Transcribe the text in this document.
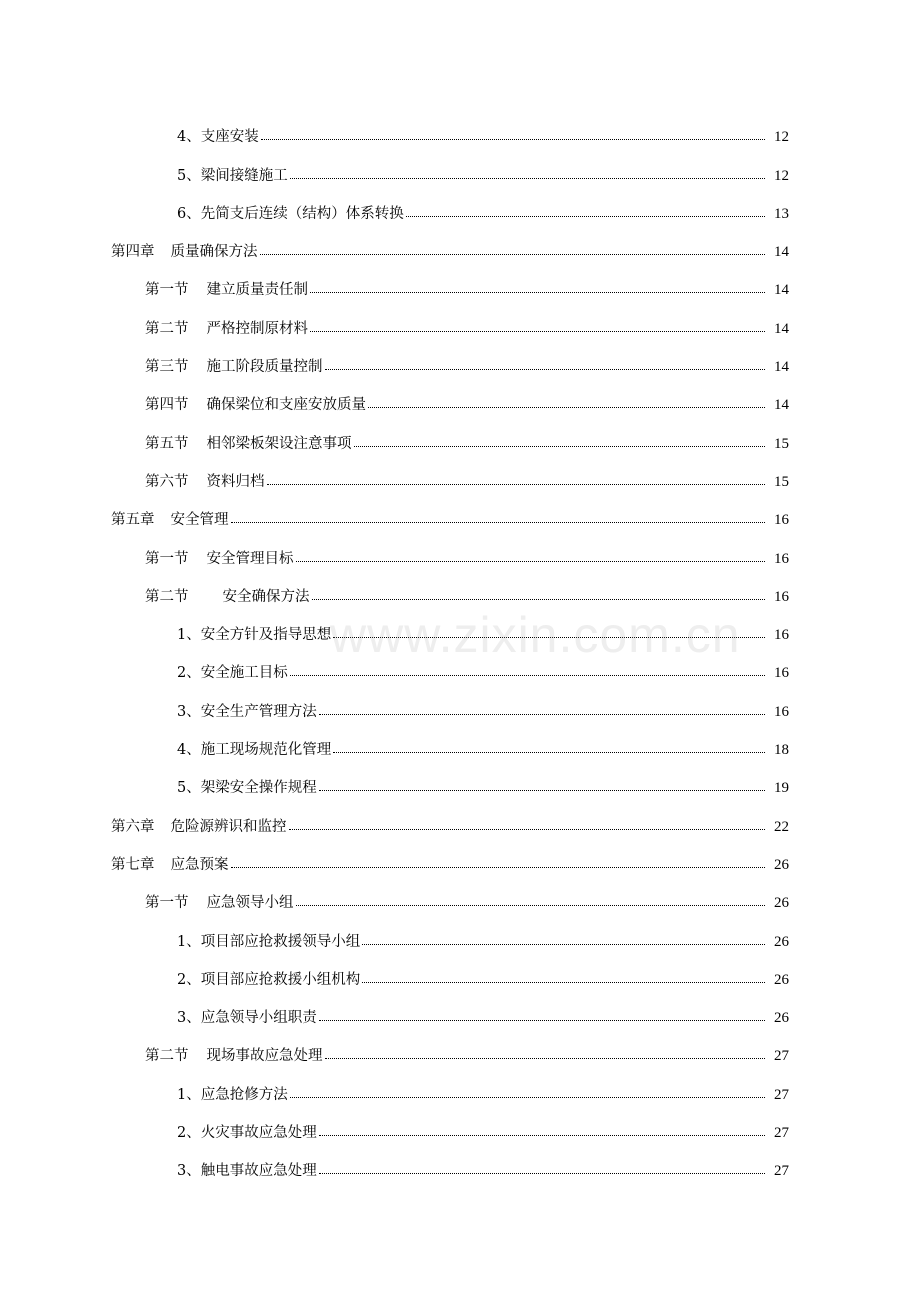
4、 支座安装	12
5、 梁间接缝施工	12
6、 先简支后连续（结构）体系转换	13
第四章 质量确保方法	14
第一节 建立质量责任制	14
第二节 严格控制原材料	14
第三节 施工阶段质量控制	14
第四节 确保梁位和支座安放质量	14
第五节 相邻梁板架设注意事项	15
第六节 资料归档	15
第五章 安全管理	16
第一节 安全管理目标	16
第二节	安全确保方法	16
1、 安全方针及指导思想	16
2、 安全施工目标	16
3、 安全生产管理方法	16
4、 施工现场规范化管理	18
5、 架梁安全操作规程	19
第六章 危险源辨识和监控	22
第七章 应急预案	26
第一节 应急领导小组	26
1、 项目部应抢救援领导小组	26
2、 项目部应抢救援小组机构	26
3、 应急领导小组职责	26
第二节 现场事故应急处理	27
1、 应急抢修方法	27
2、 火灾事故应急处理	27
3、 触电事故应急处理	27
www.zixin.com.cn
